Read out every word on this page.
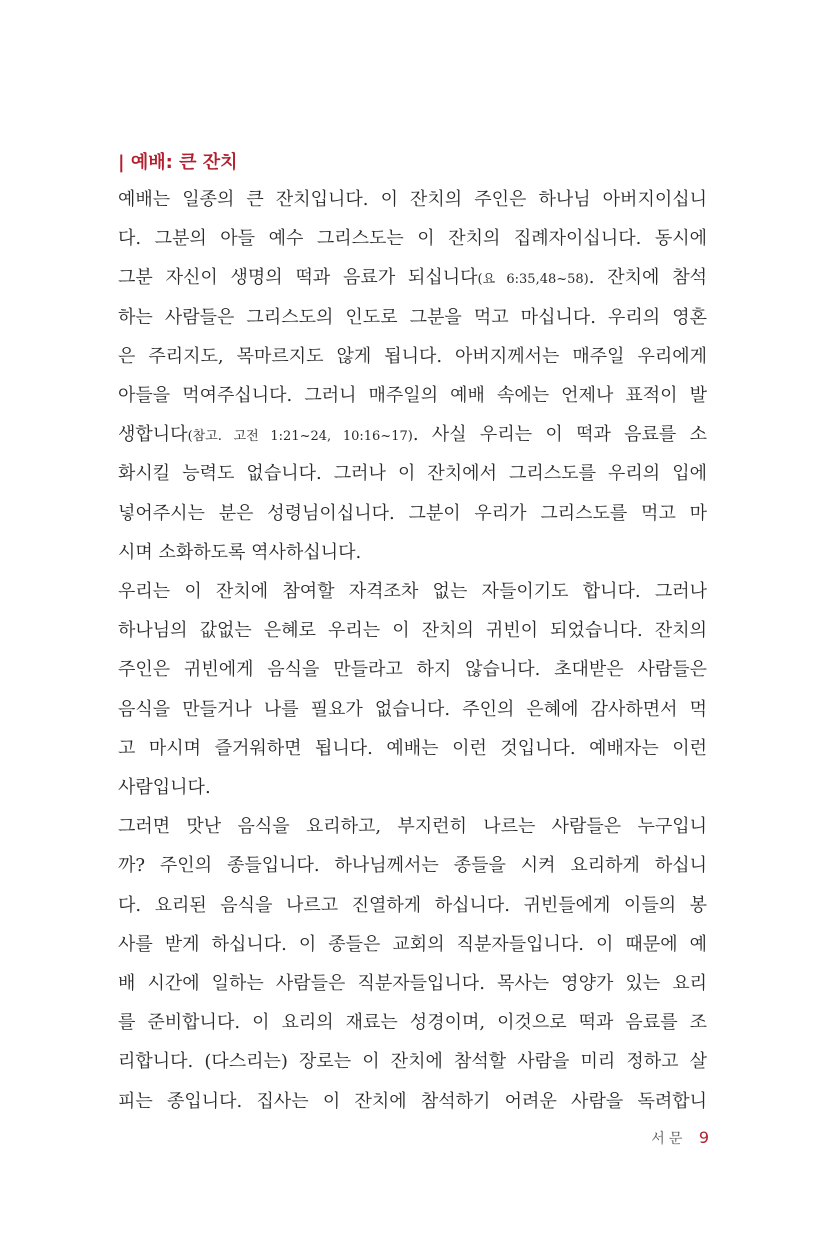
| 예배: 큰 잔치
예배는 일종의 큰 잔치입니다. 이 잔치의 주인은 하나님 아버지이십니
다. 그분의 아들 예수 그리스도는 이 잔치의 집례자이십니다. 동시에
그분 자신이 생명의 떡과 음료가 되십니다(요 6:35,48~58). 잔치에 참석
하는 사람들은 그리스도의 인도로 그분을 먹고 마십니다. 우리의 영혼
은 주리지도, 목마르지도 않게 됩니다. 아버지께서는 매주일 우리에게
아들을 먹여주십니다. 그러니 매주일의 예배 속에는 언제나 표적이 발
생합니다(참고. 고전 1:21~24, 10:16~17). 사실 우리는 이 떡과 음료를 소
화시킬 능력도 없습니다. 그러나 이 잔치에서 그리스도를 우리의 입에
넣어주시는 분은 성령님이십니다. 그분이 우리가 그리스도를 먹고 마
시며 소화하도록 역사하십니다.
우리는 이 잔치에 참여할 자격조차 없는 자들이기도 합니다. 그러나
하나님의 값없는 은혜로 우리는 이 잔치의 귀빈이 되었습니다. 잔치의
주인은 귀빈에게 음식을 만들라고 하지 않습니다. 초대받은 사람들은
음식을 만들거나 나를 필요가 없습니다. 주인의 은혜에 감사하면서 먹
고 마시며 즐거워하면 됩니다. 예배는 이런 것입니다. 예배자는 이런
사람입니다.
그러면 맛난 음식을 요리하고, 부지런히 나르는 사람들은 누구입니
까? 주인의 종들입니다. 하나님께서는 종들을 시켜 요리하게 하십니
다. 요리된 음식을 나르고 진열하게 하십니다. 귀빈들에게 이들의 봉
사를 받게 하십니다. 이 종들은 교회의 직분자들입니다. 이 때문에 예
배 시간에 일하는 사람들은 직분자들입니다. 목사는 영양가 있는 요리
를 준비합니다. 이 요리의 재료는 성경이며, 이것으로 떡과 음료를 조
리합니다. (다스리는) 장로는 이 잔치에 참석할 사람을 미리 정하고 살
피는 종입니다. 집사는 이 잔치에 참석하기 어려운 사람을 독려합니
서문 9
